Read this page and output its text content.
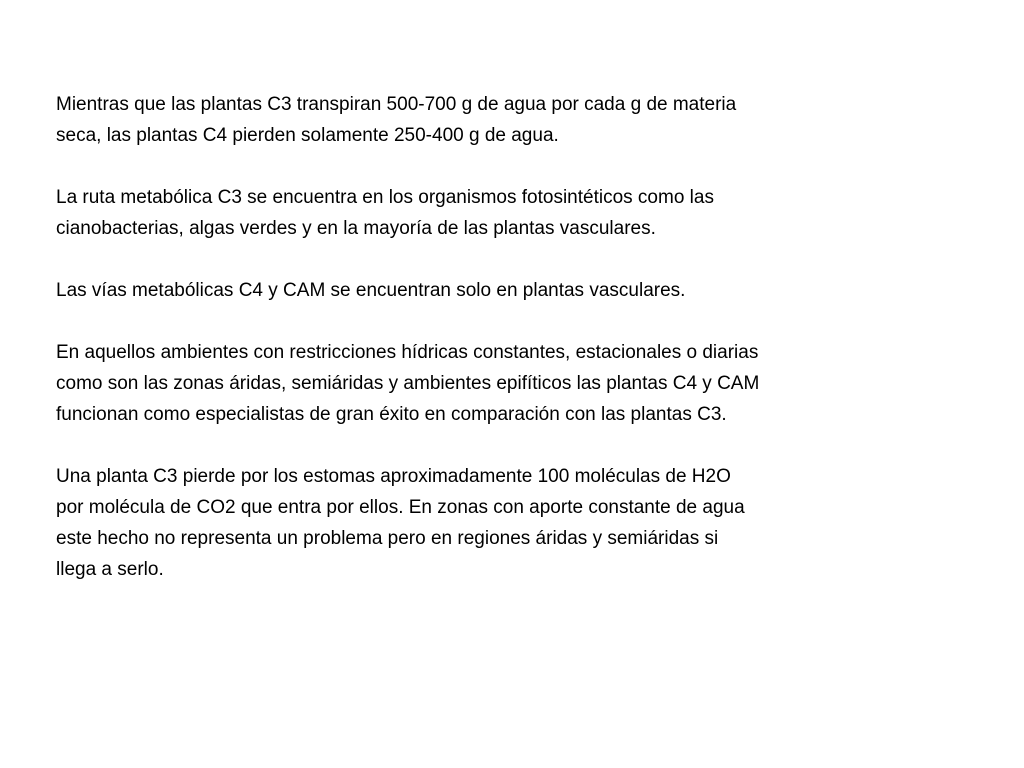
Mientras que las plantas C3 transpiran 500-700 g de agua por cada g de materia
seca, las plantas C4 pierden solamente 250-400 g de agua.

La ruta metabólica C3 se encuentra en los organismos fotosintéticos como las
cianobacterias, algas verdes y en la mayoría de las plantas vasculares.

Las vías metabólicas C4 y CAM se encuentran solo en plantas vasculares.

En aquellos ambientes con restricciones hídricas constantes, estacionales o diarias
como son las zonas áridas, semiáridas y ambientes epifíticos las plantas C4 y CAM
funcionan como especialistas de gran éxito en comparación con las plantas C3.

Una planta C3 pierde por los estomas aproximadamente 100 moléculas de H2O
por molécula de CO2 que entra por ellos. En zonas con aporte constante de agua
este hecho no representa un problema pero en regiones áridas y semiáridas si
llega a serlo.
